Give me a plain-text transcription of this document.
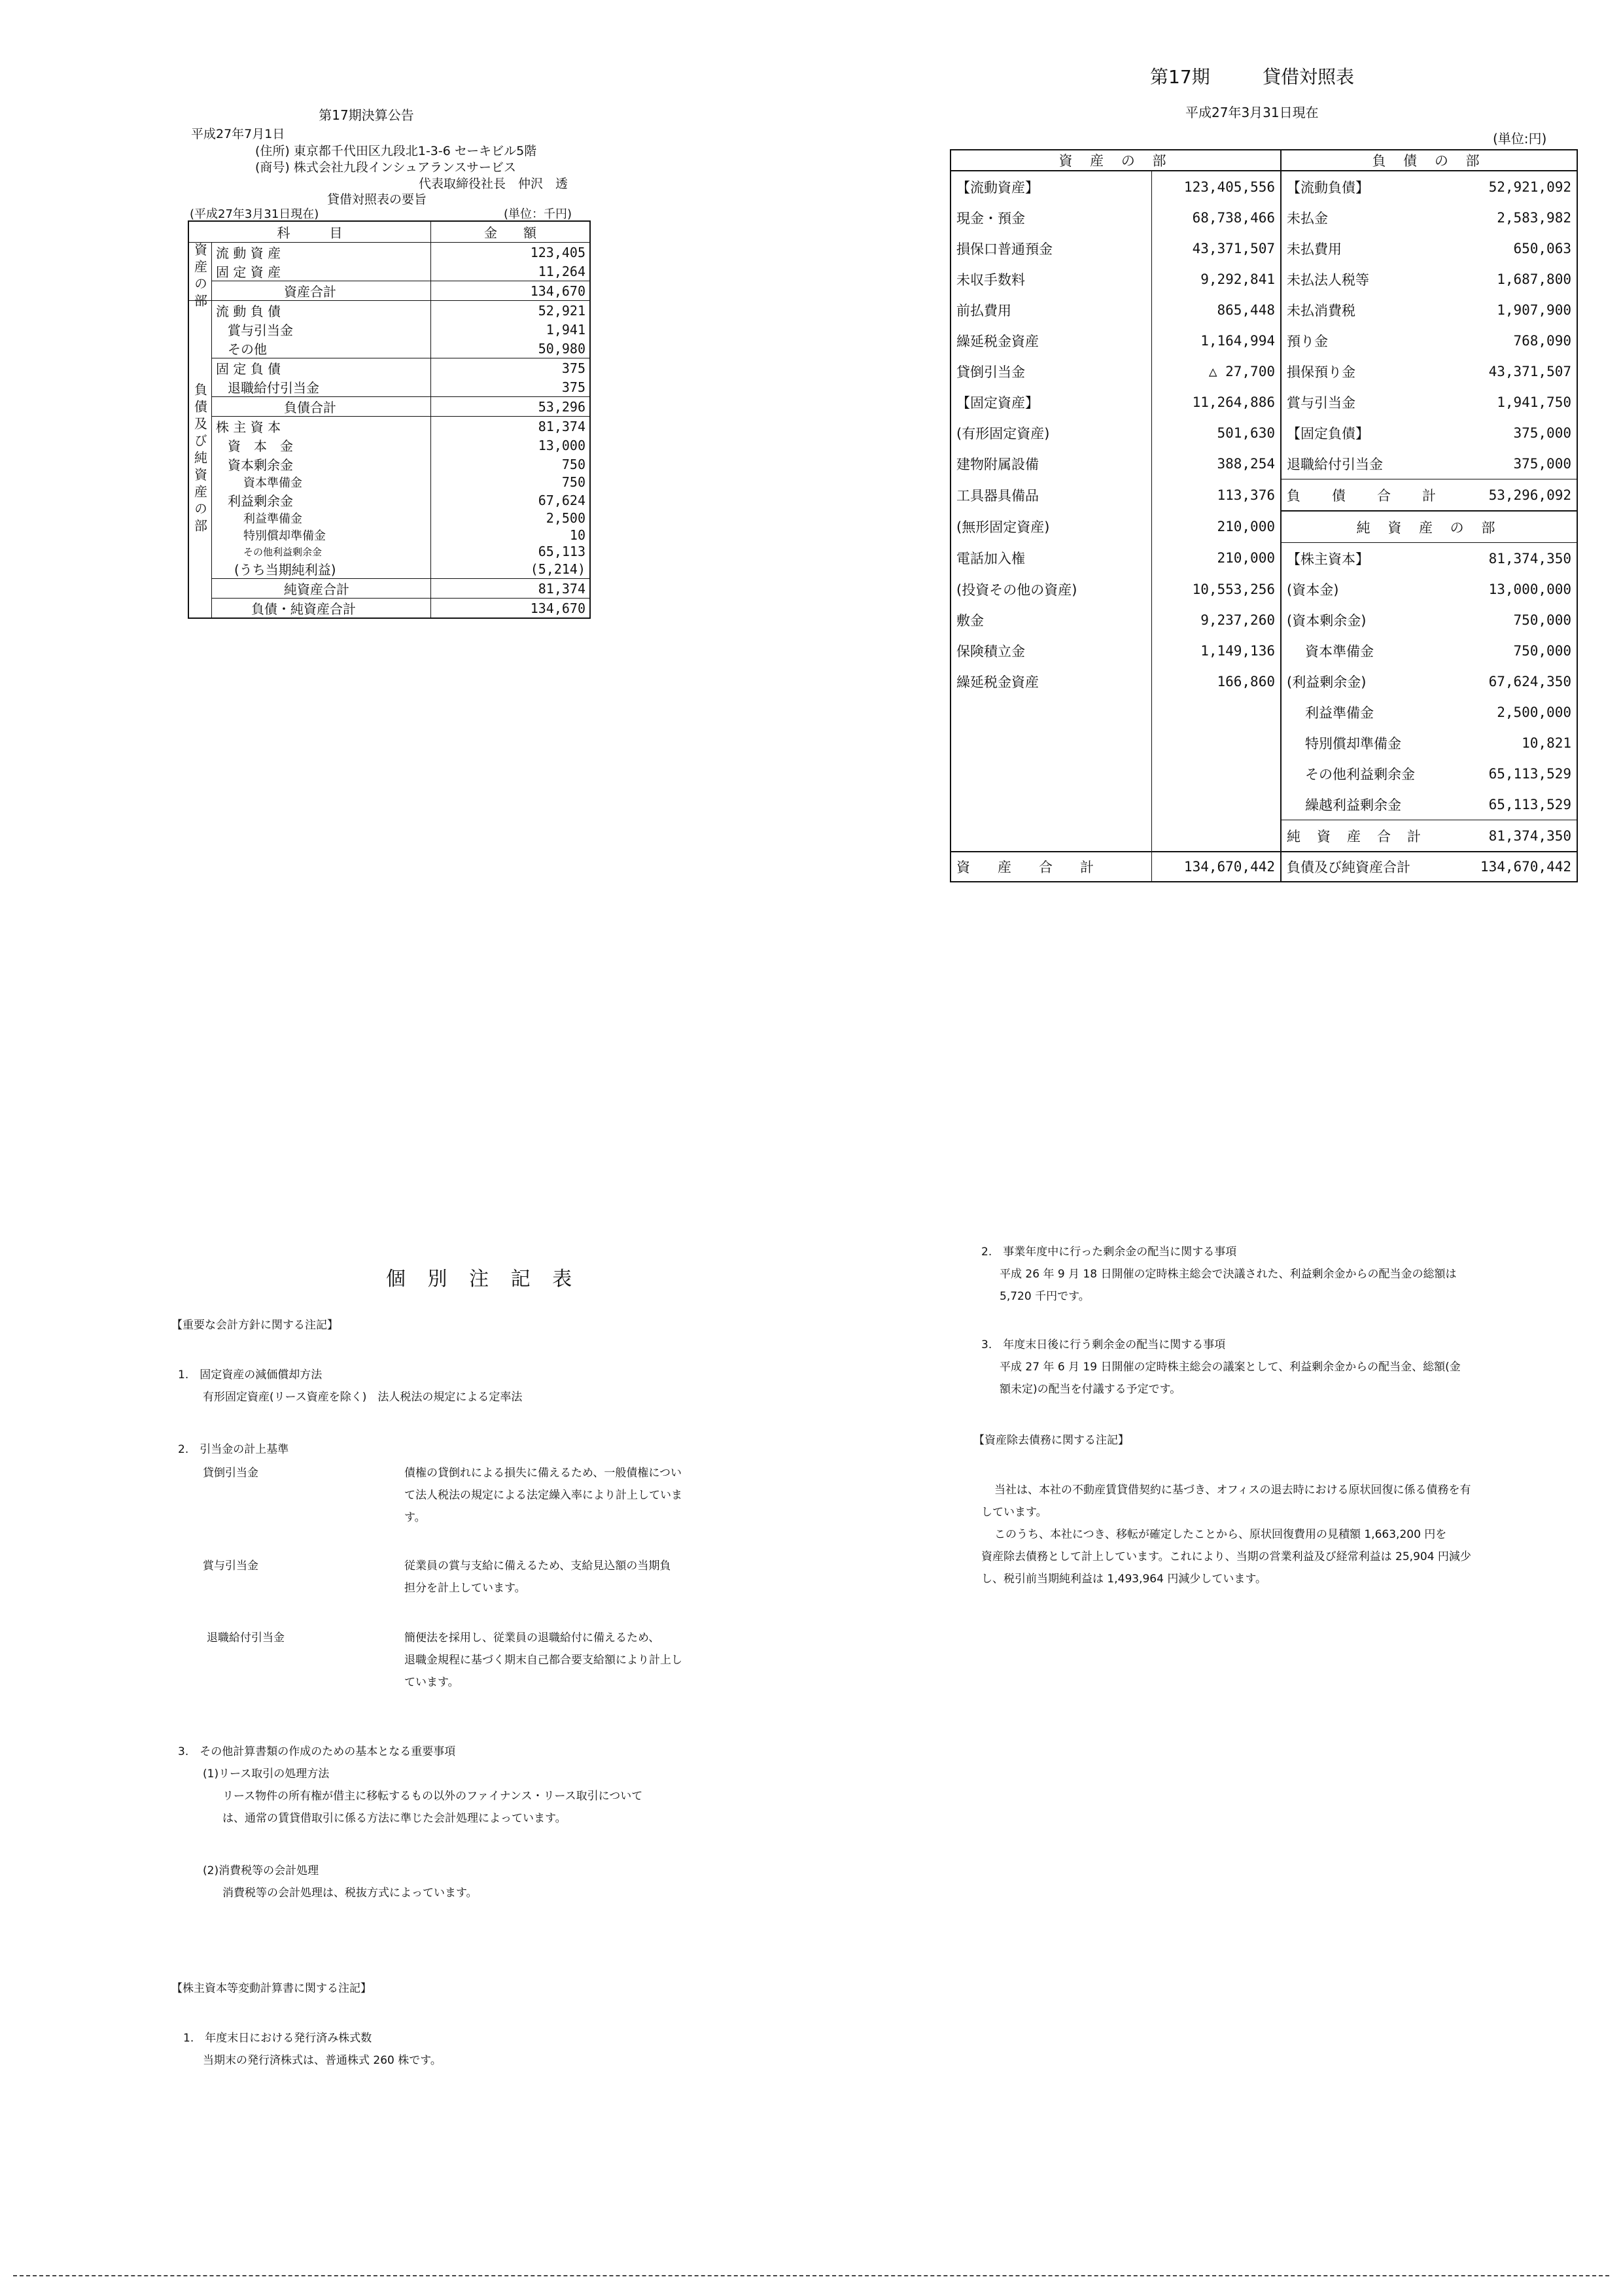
第17期決算公告
平成27年7月1日
(住所) 東京都千代田区九段北1-3-6 セーキビル5階
(商号) 株式会社九段インシュアランスサービス
代表取締役社長　仲沢　透
貸借対照表の要旨
(平成27年3月31日現在)	(単位：千円)
科　　　目		金　　額
資産の部	流 動 資 産	123,405
	固 定 資 産	11,264
	資産合計	134,670
負債及び純資産の部	流 動 負 債	52,921
	賞与引当金	1,941
	その他	50,980
	固 定 負 債	375
	退職給付引当金	375
	負債合計	53,296
	株 主 資 本	81,374
	資　本　金	13,000
	資本剰余金	750
	資本準備金	750
	利益剰余金	67,624
	利益準備金	2,500
	特別償却準備金	10
	その他利益剰余金	65,113
	(うち当期純利益)	(5,214)
	純資産合計	81,374
	負債・純資産合計	134,670
第17期	貸借対照表
平成27年3月31日現在
(単位:円)
資 産 の 部		負 債 の 部	
【流動資産】	123,405,556	【流動負債】	52,921,092
現金・預金	68,738,466	未払金	2,583,982
損保口普通預金	43,371,507	未払費用	650,063
未収手数料	9,292,841	未払法人税等	1,687,800
前払費用	865,448	未払消費税	1,907,900
繰延税金資産	1,164,994	預り金	768,090
貸倒引当金	△ 27,700	損保預り金	43,371,507
【固定資産】	11,264,886	賞与引当金	1,941,750
(有形固定資産)	501,630	【固定負債】	375,000
建物附属設備	388,254	退職給付引当金	375,000
工具器具備品	113,376	負　　債　　合　　計	53,296,092
(無形固定資産)	210,000	純 資 産 の 部	
電話加入権	210,000	【株主資本】	81,374,350
(投資その他の資産)	10,553,256	(資本金)	13,000,000
敷金	9,237,260	(資本剰余金)	750,000
保険積立金	1,149,136	資本準備金	750,000
繰延税金資産	166,860	(利益剰余金)	67,624,350
		利益準備金	2,500,000
		特別償却準備金	10,821
		その他利益剰余金	65,113,529
		繰越利益剰余金	65,113,529
		純　資　産　合　計	81,374,350
資　　産　　合　　計	134,670,442	負債及び純資産合計	134,670,442
個 別 注 記 表
【重要な会計方針に関する注記】
1.　固定資産の減価償却方法
有形固定資産(リース資産を除く)　法人税法の規定による定率法
2.　引当金の計上基準
貸倒引当金	債権の貸倒れによる損失に備えるため、一般債権につい
て法人税法の規定による法定繰入率により計上していま
す。
賞与引当金	従業員の賞与支給に備えるため、支給見込額の当期負
担分を計上しています。
退職給付引当金	簡便法を採用し、従業員の退職給付に備えるため、
退職金規程に基づく期末自己都合要支給額により計上し
ています。
3.　その他計算書類の作成のための基本となる重要事項
(1)リース取引の処理方法
リース物件の所有権が借主に移転するもの以外のファイナンス・リース取引について
は、通常の賃貸借取引に係る方法に準じた会計処理によっています。
(2)消費税等の会計処理
消費税等の会計処理は、税抜方式によっています。
【株主資本等変動計算書に関する注記】
1.　年度末日における発行済み株式数
当期末の発行済株式は、普通株式 260 株です。
2.　事業年度中に行った剰余金の配当に関する事項
平成 26 年 9 月 18 日開催の定時株主総会で決議された、利益剰余金からの配当金の総額は
5,720 千円です。
3.　年度末日後に行う剰余金の配当に関する事項
平成 27 年 6 月 19 日開催の定時株主総会の議案として、利益剰余金からの配当金、総額(金
額未定)の配当を付議する予定です。
【資産除去債務に関する注記】
当社は、本社の不動産賃貸借契約に基づき、オフィスの退去時における原状回復に係る債務を有
しています。
このうち、本社につき、移転が確定したことから、原状回復費用の見積額 1,663,200 円を
資産除去債務として計上しています。これにより、当期の営業利益及び経常利益は 25,904 円減少
し、税引前当期純利益は 1,493,964 円減少しています。
